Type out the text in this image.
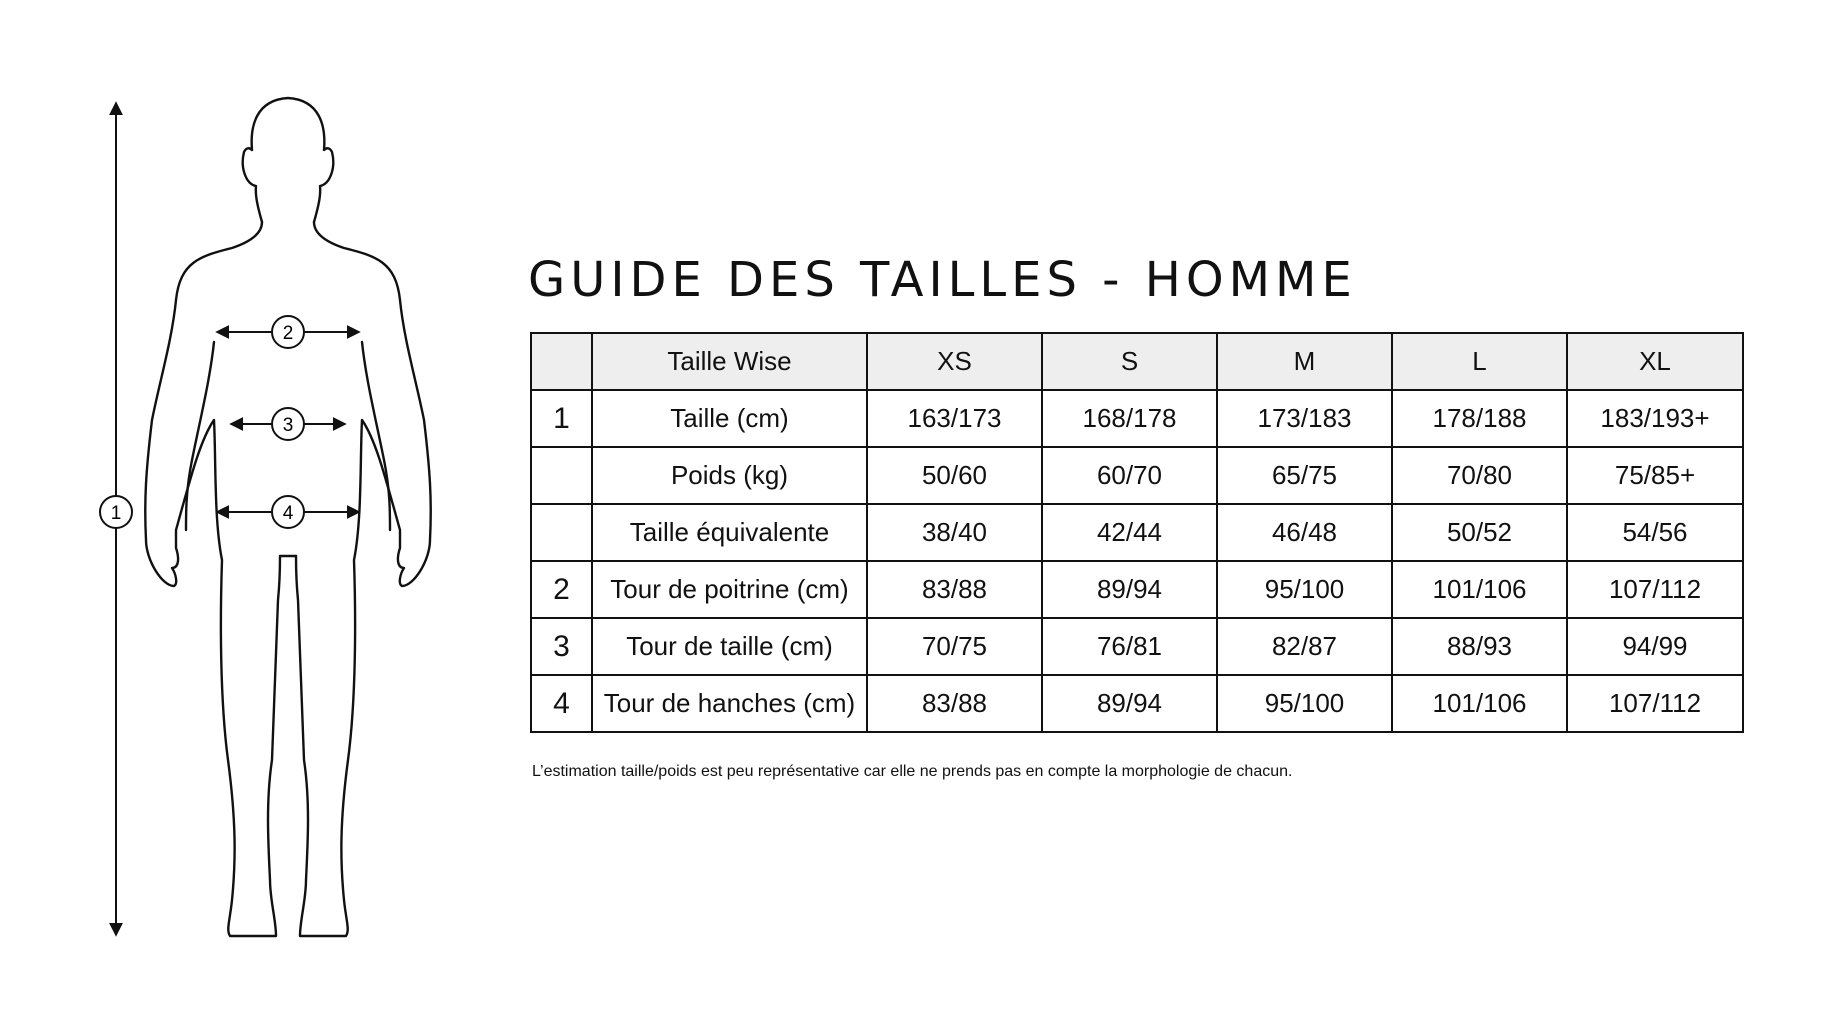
1
2
3
4
GUIDE DES TAILLES - HOMME
	Taille Wise	XS	S	M	L	XL
1	Taille (cm)	163/173	168/178	173/183	178/188	183/193+
	Poids (kg)	50/60	60/70	65/75	70/80	75/85+
	Taille équivalente	38/40	42/44	46/48	50/52	54/56
2	Tour de poitrine (cm)	83/88	89/94	95/100	101/106	107/112
3	Tour de taille (cm)	70/75	76/81	82/87	88/93	94/99
4	Tour de hanches (cm)	83/88	89/94	95/100	101/106	107/112
L’estimation taille/poids est peu représentative car elle ne prends pas en compte la morphologie de chacun.
